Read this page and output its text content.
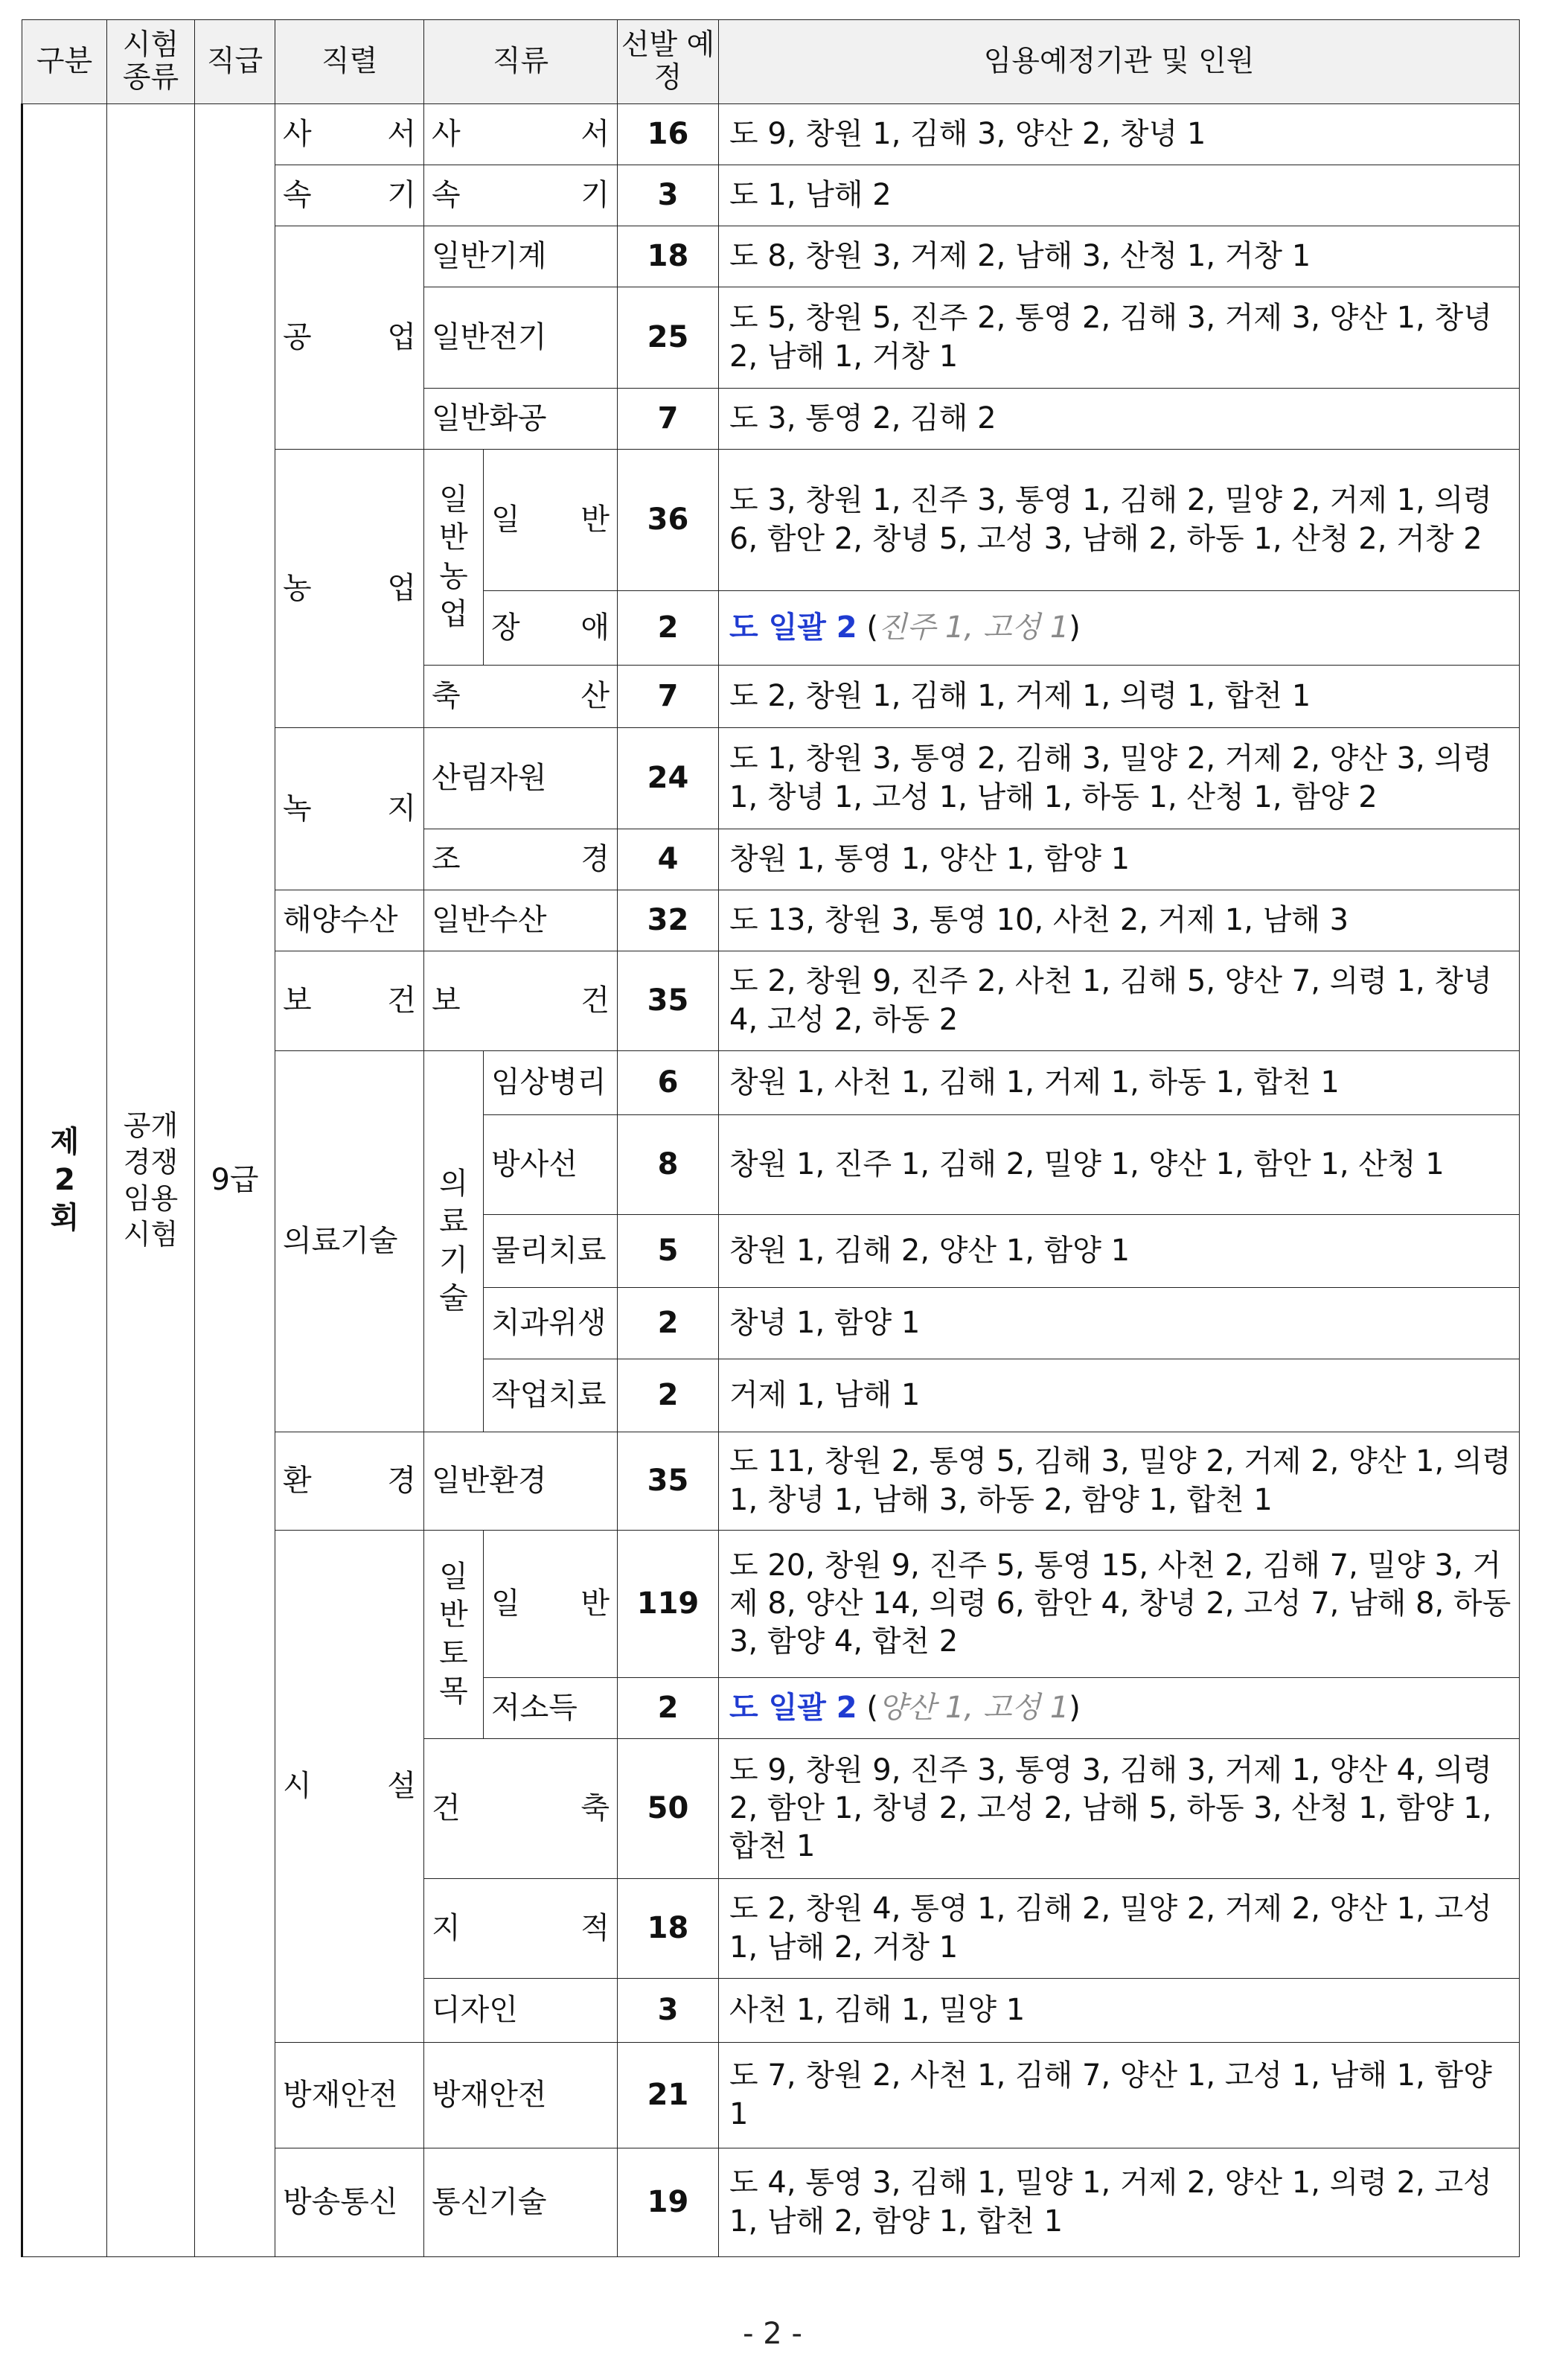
구분	시험 종류	직급	직렬	직류		선발 예정	임용예정기관 및 인원
제2회	공개경쟁임용시험	9급	사 서	사 서		16	도 9, 창원 1, 김해 3, 양산 2, 창녕 1
			속 기	속 기		3	도 1, 남해 2
			공 업	일반기계		18	도 8, 창원 3, 거제 2, 남해 3, 산청 1, 거창 1
				일반전기		25	도 5, 창원 5, 진주 2, 통영 2, 김해 3, 거제 3, 양산 1, 창녕 2, 남해 1, 거창 1
				일반화공		7	도 3, 통영 2, 김해 2
			농 업	일반농업	일 반	36	도 3, 창원 1, 진주 3, 통영 1, 김해 2, 밀양 2, 거제 1, 의령 6, 함안 2, 창녕 5, 고성 3, 남해 2, 하동 1, 산청 2, 거창 2
					장 애	2	도 일괄 2 (진주 1, 고성 1)
				축 산		7	도 2, 창원 1, 김해 1, 거제 1, 의령 1, 합천 1
			녹 지	산림자원		24	도 1, 창원 3, 통영 2, 김해 3, 밀양 2, 거제 2, 양산 3, 의령 1, 창녕 1, 고성 1, 남해 1, 하동 1, 산청 1, 함양 2
				조 경		4	창원 1, 통영 1, 양산 1, 함양 1
			해양수산	일반수산		32	도 13, 창원 3, 통영 10, 사천 2, 거제 1, 남해 3
			보 건	보 건		35	도 2, 창원 9, 진주 2, 사천 1, 김해 5, 양산 7, 의령 1, 창녕 4, 고성 2, 하동 2
			의료기술	의료기술	임상병리	6	창원 1, 사천 1, 김해 1, 거제 1, 하동 1, 합천 1
					방사선	8	창원 1, 진주 1, 김해 2, 밀양 1, 양산 1, 함안 1, 산청 1
					물리치료	5	창원 1, 김해 2, 양산 1, 함양 1
					치과위생	2	창녕 1, 함양 1
					작업치료	2	거제 1, 남해 1
			환 경	일반환경		35	도 11, 창원 2, 통영 5, 김해 3, 밀양 2, 거제 2, 양산 1, 의령 1, 창녕 1, 남해 3, 하동 2, 함양 1, 합천 1
			시 설	일반토목	일 반	119	도 20, 창원 9, 진주 5, 통영 15, 사천 2, 김해 7, 밀양 3, 거제 8, 양산 14, 의령 6, 함안 4, 창녕 2, 고성 7, 남해 8, 하동 3, 함양 4, 합천 2
					저소득	2	도 일괄 2 (양산 1, 고성 1)
				건 축		50	도 9, 창원 9, 진주 3, 통영 3, 김해 3, 거제 1, 양산 4, 의령 2, 함안 1, 창녕 2, 고성 2, 남해 5, 하동 3, 산청 1, 함양 1, 합천 1
				지 적		18	도 2, 창원 4, 통영 1, 김해 2, 밀양 2, 거제 2, 양산 1, 고성 1, 남해 2, 거창 1
				디자인		3	사천 1, 김해 1, 밀양 1
			방재안전	방재안전		21	도 7, 창원 2, 사천 1, 김해 7, 양산 1, 고성 1, 남해 1, 함양 1
			방송통신	통신기술		19	도 4, 통영 3, 김해 1, 밀양 1, 거제 2, 양산 1, 의령 2, 고성 1, 남해 2, 함양 1, 합천 1
- 2 -
